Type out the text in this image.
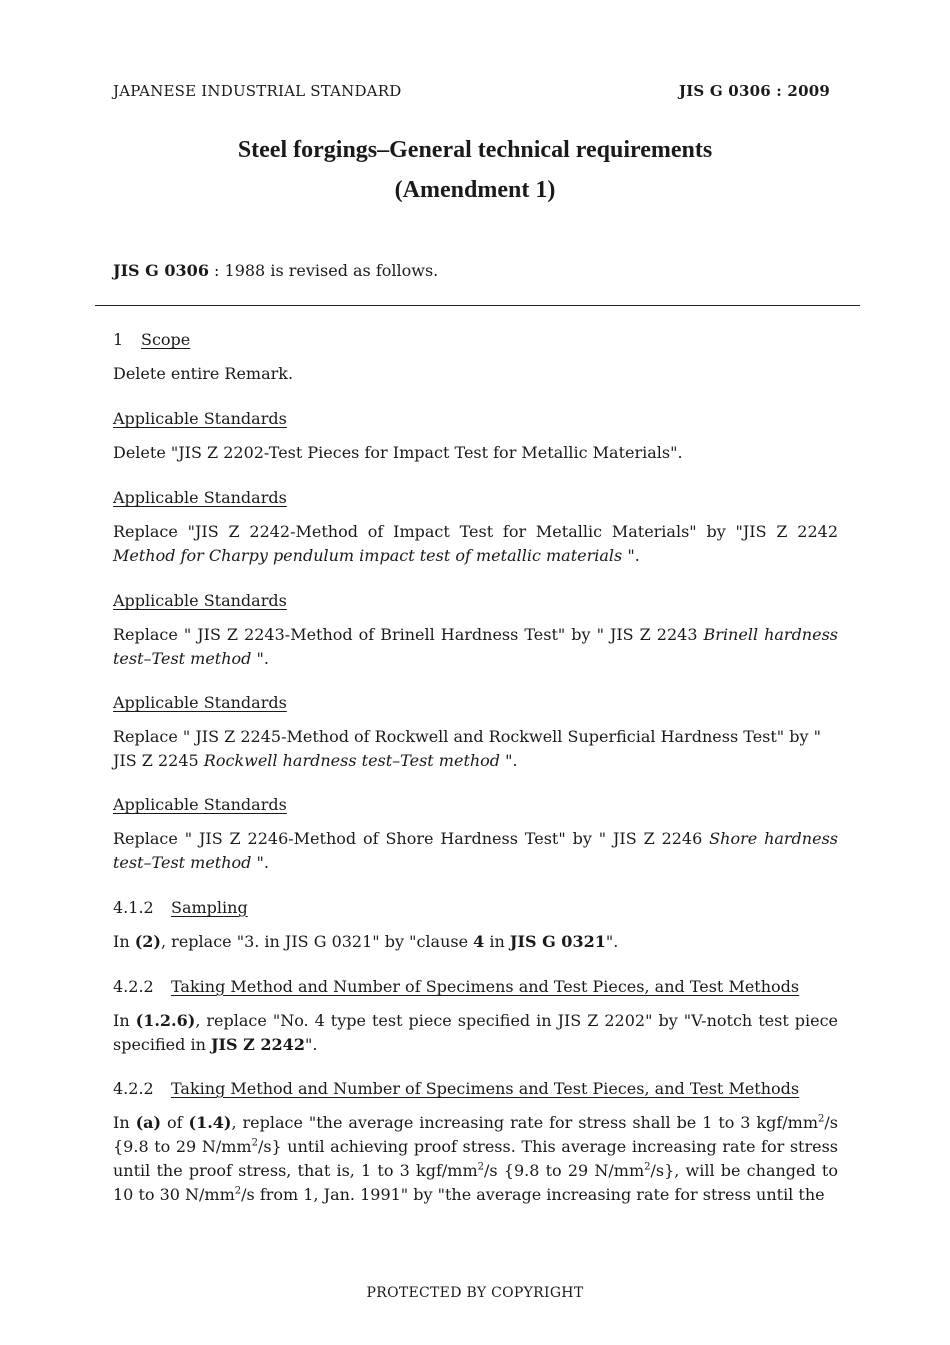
JAPANESE INDUSTRIAL STANDARD	JIS G 0306 : 2009
Steel forgings–General technical requirements
(Amendment 1)
JIS G 0306 : 1988 is revised as follows.
1 Scope
Delete entire Remark.
Applicable Standards
Delete "JIS Z 2202-Test Pieces for Impact Test for Metallic Materials".
Applicable Standards
Replace "JIS Z 2242-Method of Impact Test for Metallic Materials" by "JIS Z 2242 Method for Charpy pendulum impact test of metallic materials ".
Applicable Standards
Replace " JIS Z 2243-Method of Brinell Hardness Test" by " JIS Z 2243 Brinell hardness test–Test method ".
Applicable Standards
Replace " JIS Z 2245-Method of Rockwell and Rockwell Superficial Hardness Test" by " JIS Z 2245 Rockwell hardness test–Test method ".
Applicable Standards
Replace " JIS Z 2246-Method of Shore Hardness Test" by " JIS Z 2246 Shore hardness test–Test method ".
4.1.2 Sampling
In (2), replace "3. in JIS G 0321" by "clause 4 in JIS G 0321".
4.2.2 Taking Method and Number of Specimens and Test Pieces, and Test Methods
In (1.2.6), replace "No. 4 type test piece specified in JIS Z 2202" by "V-notch test piece specified in JIS Z 2242".
4.2.2 Taking Method and Number of Specimens and Test Pieces, and Test Methods
In (a) of (1.4), replace "the average increasing rate for stress shall be 1 to 3 kgf/$mm^2/s$ {9.8 to 29 $N/mm^2/s$} until achieving proof stress. This average increasing rate for stress until the proof stress, that is, 1 to 3 kgf/$mm^2/s$ {9.8 to 29 $N/mm^2/s$}, will be changed to 10 to 30 $N/mm^2/s$ from 1, Jan. 1991" by "the average increasing rate for stress until the
PROTECTED BY COPYRIGHT
